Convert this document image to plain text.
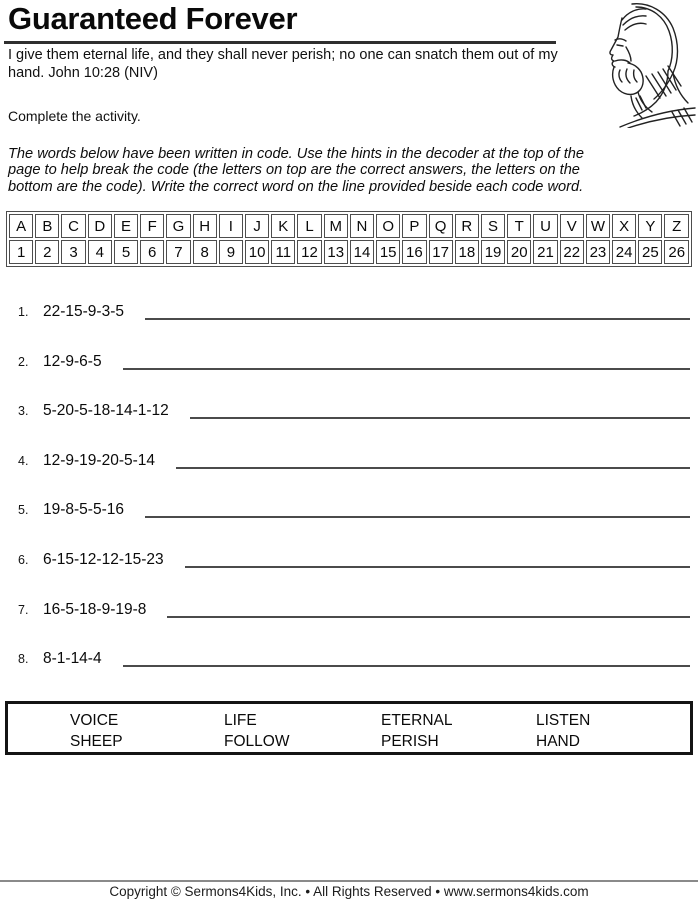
Guaranteed Forever
I give them eternal life, and they shall never perish; no one can snatch them out of my
hand. John 10:28 (NIV)
Complete the activity.
The words below have been written in code. Use the hints in the decoder at the top of the
page to help break the code (the letters on top are the correct answers, the letters on the
bottom are the code). Write the correct word on the line provided beside each code word.
A	B	C	D	E	F	G	H	I	J	K	L	M	N	O	P	Q	R	S	T	U	V	W	X	Y	Z
1	2	3	4	5	6	7	8	9	10	11	12	13	14	15	16	17	18	19	20	21	22	23	24	25	26
1. 22-15-9-3-5
2. 12-9-6-5
3. 5-20-5-18-14-1-12
4. 12-9-19-20-5-14
5. 19-8-5-5-16
6. 6-15-12-12-15-23
7. 16-5-18-9-19-8
8. 8-1-14-4
VOICE	LIFE	ETERNAL	LISTEN
SHEEP	FOLLOW	PERISH	HAND
Copyright © Sermons4Kids, Inc. • All Rights Reserved • www.sermons4kids.com
